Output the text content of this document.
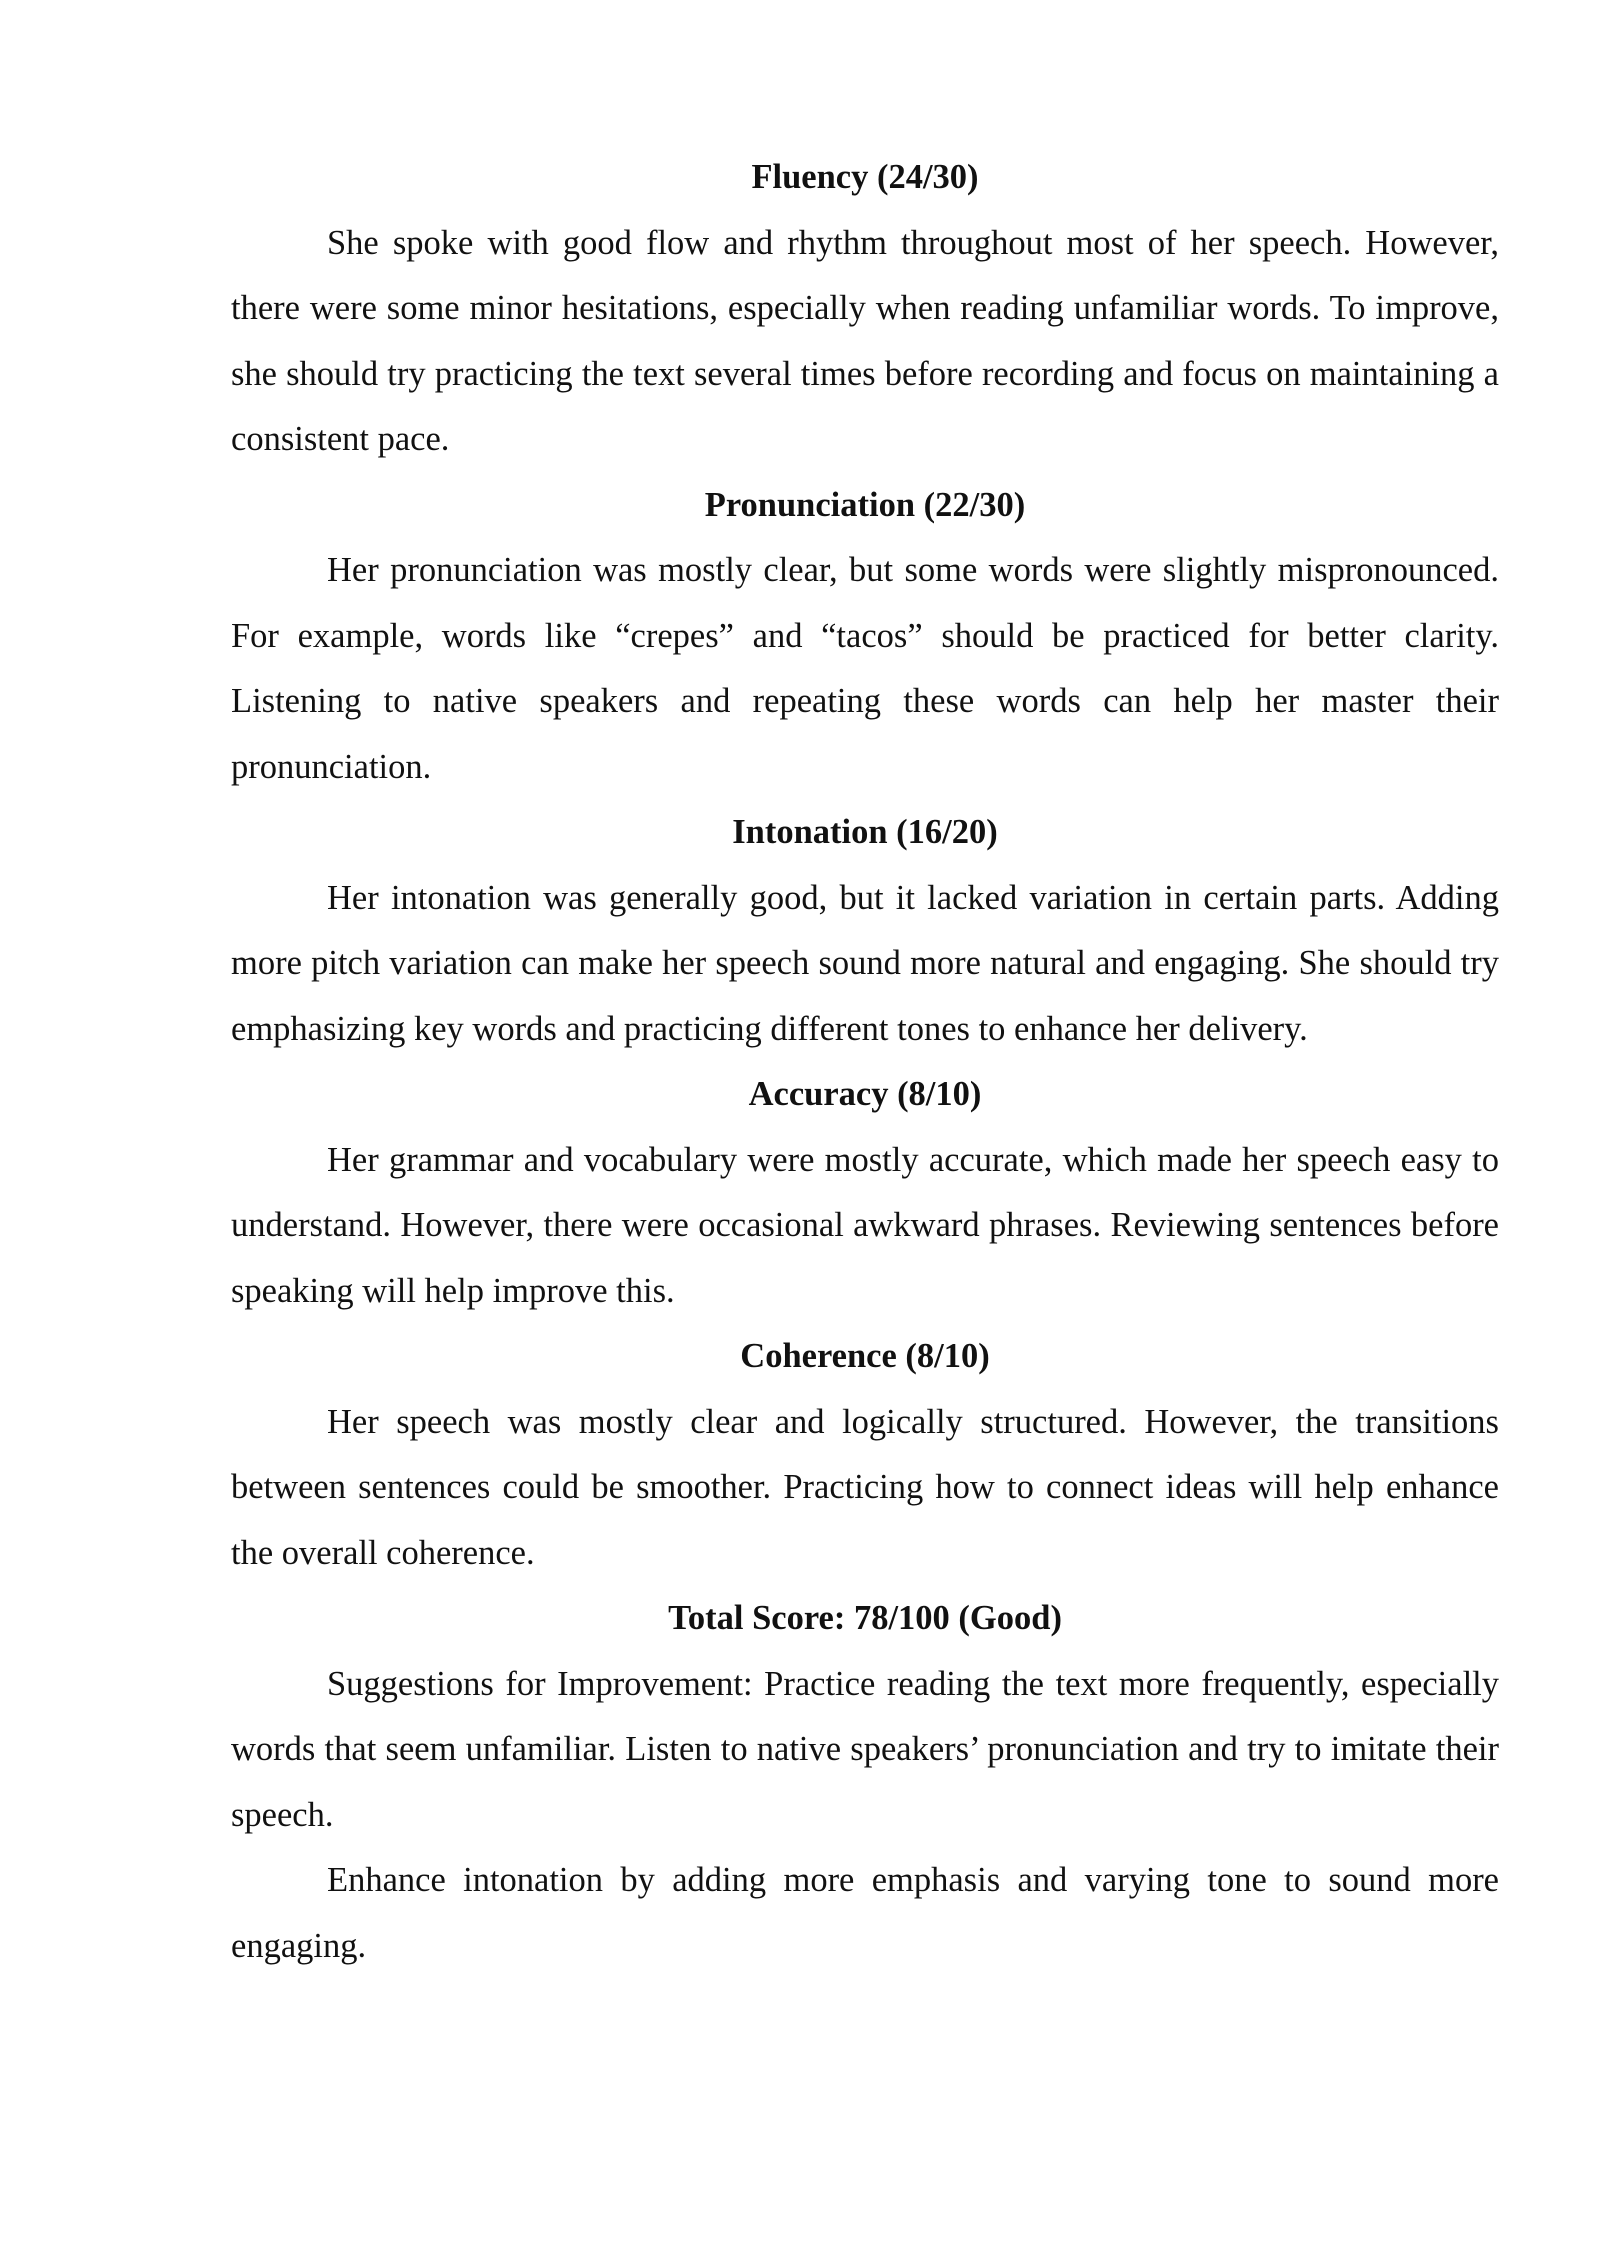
Fluency (24/30)

She spoke with good flow and rhythm throughout most of her speech. However, there were some minor hesitations, especially when reading unfamiliar words. To improve, she should try practicing the text several times before recording and focus on maintaining a consistent pace.

Pronunciation (22/30)

Her pronunciation was mostly clear, but some words were slightly mispronounced. For example, words like “crepes” and “tacos” should be practiced for better clarity. Listening to native speakers and repeating these words can help her master their pronunciation.

Intonation (16/20)

Her intonation was generally good, but it lacked variation in certain parts. Adding more pitch variation can make her speech sound more natural and engaging. She should try emphasizing key words and practicing different tones to enhance her delivery.

Accuracy (8/10)

Her grammar and vocabulary were mostly accurate, which made her speech easy to understand. However, there were occasional awkward phrases. Reviewing sentences before speaking will help improve this.

Coherence (8/10)

Her speech was mostly clear and logically structured. However, the transitions between sentences could be smoother. Practicing how to connect ideas will help enhance the overall coherence.

Total Score: 78/100 (Good)

Suggestions for Improvement: Practice reading the text more frequently, especially words that seem unfamiliar. Listen to native speakers’ pronunciation and try to imitate their speech.

Enhance intonation by adding more emphasis and varying tone to sound more engaging.
